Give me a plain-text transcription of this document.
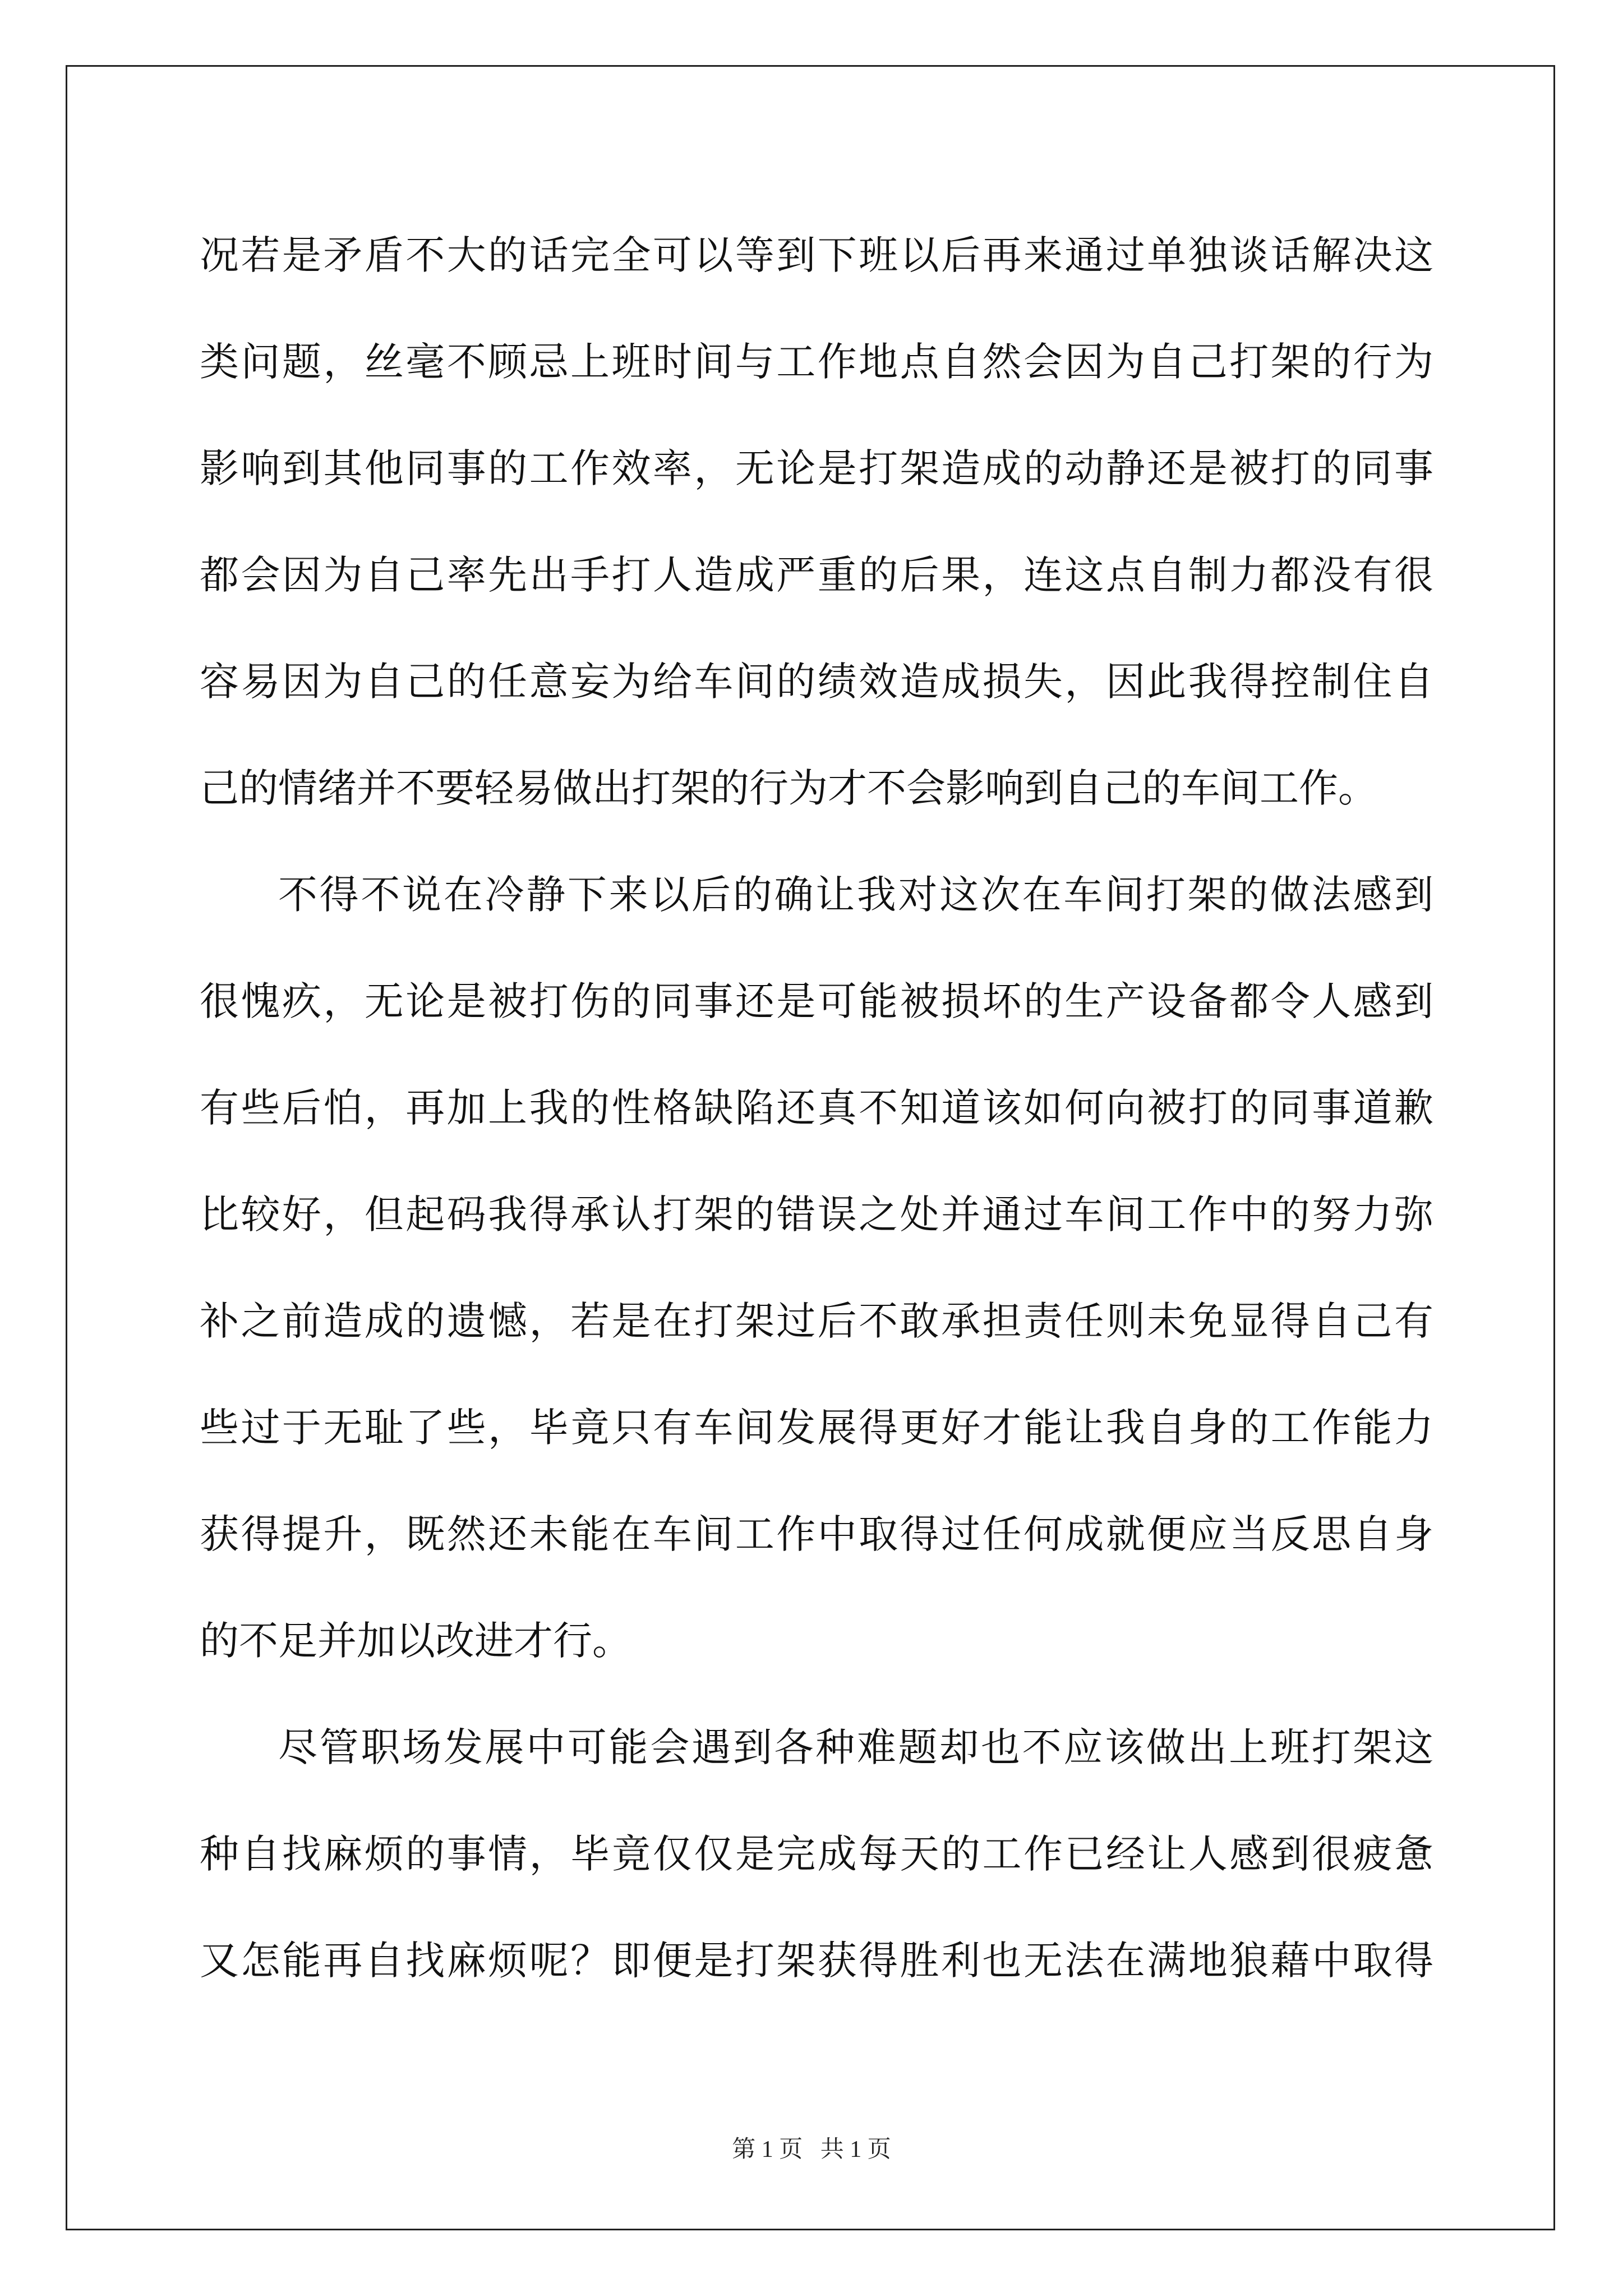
况若是矛盾不大的话完全可以等到下班以后再来通过单独谈话解决这
类问题，丝毫不顾忌上班时间与工作地点自然会因为自己打架的行为
影响到其他同事的工作效率，无论是打架造成的动静还是被打的同事
都会因为自己率先出手打人造成严重的后果，连这点自制力都没有很
容易因为自己的任意妄为给车间的绩效造成损失，因此我得控制住自
己的情绪并不要轻易做出打架的行为才不会影响到自己的车间工作。
不得不说在冷静下来以后的确让我对这次在车间打架的做法感到
很愧疚，无论是被打伤的同事还是可能被损坏的生产设备都令人感到
有些后怕，再加上我的性格缺陷还真不知道该如何向被打的同事道歉
比较好，但起码我得承认打架的错误之处并通过车间工作中的努力弥
补之前造成的遗憾，若是在打架过后不敢承担责任则未免显得自己有
些过于无耻了些，毕竟只有车间发展得更好才能让我自身的工作能力
获得提升，既然还未能在车间工作中取得过任何成就便应当反思自身
的不足并加以改进才行。
尽管职场发展中可能会遇到各种难题却也不应该做出上班打架这
种自找麻烦的事情，毕竟仅仅是完成每天的工作已经让人感到很疲惫
又怎能再自找麻烦呢？即便是打架获得胜利也无法在满地狼藉中取得
第 1 页   共 1 页
